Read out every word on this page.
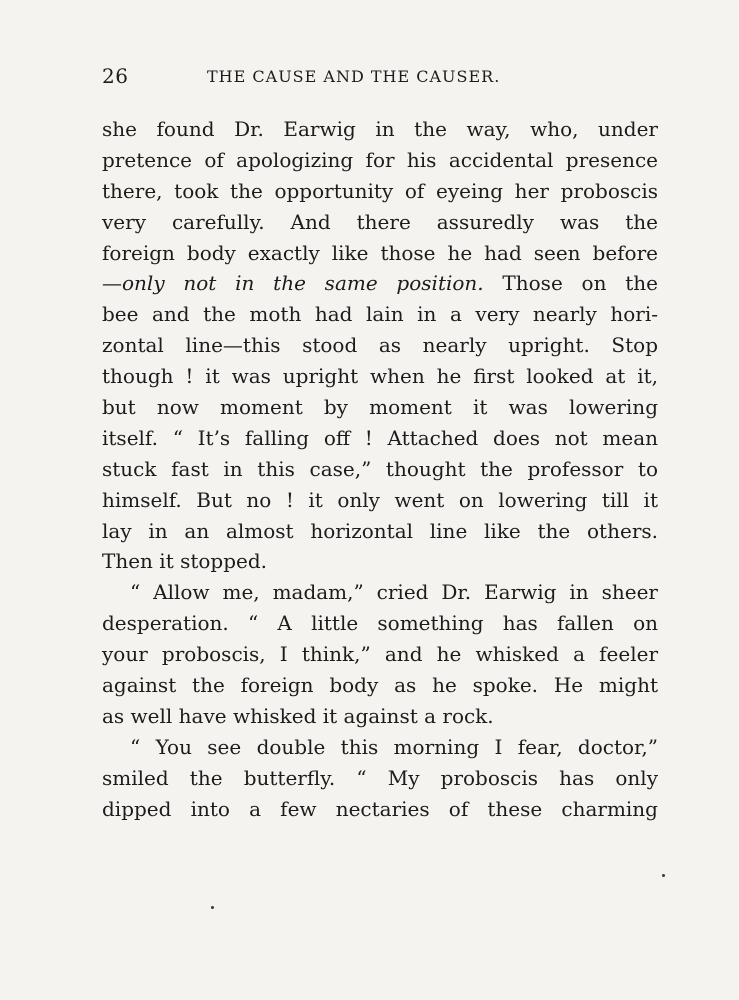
26	THE CAUSE AND THE CAUSER.
she found Dr. Earwig in the way, who, under
pretence of apologizing for his accidental presence
there, took the opportunity of eyeing her proboscis
very carefully. And there assuredly was the
foreign body exactly like those he had seen before
—only not in the same position. Those on the
bee and the moth had lain in a very nearly hori-
zontal line—this stood as nearly upright. Stop
though ! it was upright when he first looked at it,
but now moment by moment it was lowering
itself. “ It’s falling off ! Attached does not mean
stuck fast in this case,” thought the professor to
himself. But no ! it only went on lowering till it
lay in an almost horizontal line like the others.
Then it stopped.
“ Allow me, madam,” cried Dr. Earwig in sheer
desperation. “ A little something has fallen on
your proboscis, I think,” and he whisked a feeler
against the foreign body as he spoke. He might
as well have whisked it against a rock.
“ You see double this morning I fear, doctor,”
smiled the butterfly. “ My proboscis has only
dipped into a few nectaries of these charming
